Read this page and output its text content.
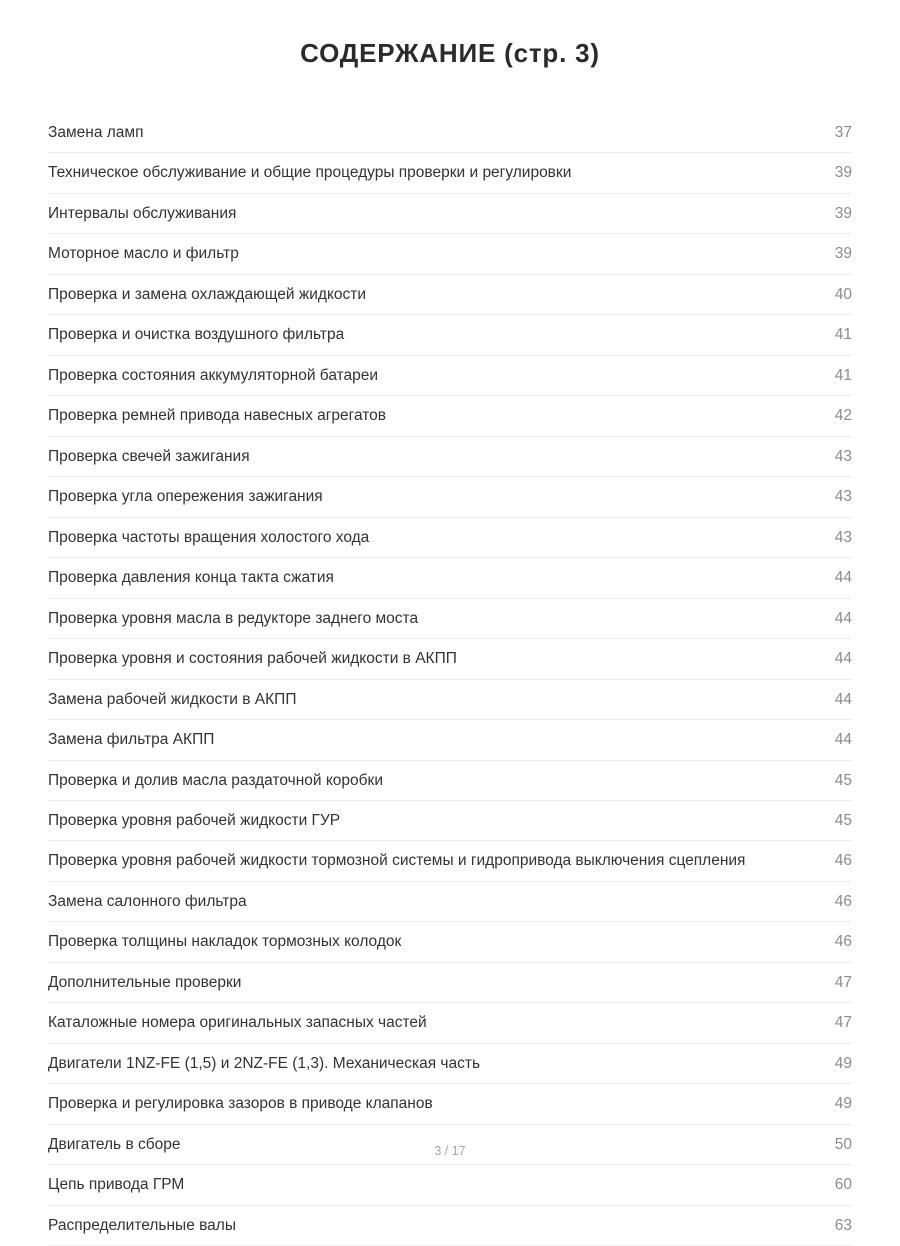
СОДЕРЖАНИЕ (стр. 3)
Замена ламп	37
Техническое обслуживание и общие процедуры проверки и регулировки	39
Интервалы обслуживания	39
Моторное масло и фильтр	39
Проверка и замена охлаждающей жидкости	40
Проверка и очистка воздушного фильтра	41
Проверка состояния аккумуляторной батареи	41
Проверка ремней привода навесных агрегатов	42
Проверка свечей зажигания	43
Проверка угла опережения зажигания	43
Проверка частоты вращения холостого хода	43
Проверка давления конца такта сжатия	44
Проверка уровня масла в редукторе заднего моста	44
Проверка уровня и состояния рабочей жидкости в АКПП	44
Замена рабочей жидкости в АКПП	44
Замена фильтра АКПП	44
Проверка и долив масла раздаточной коробки	45
Проверка уровня рабочей жидкости ГУР	45
Проверка уровня рабочей жидкости тормозной системы и гидропривода выключения сцепления	46
Замена салонного фильтра	46
Проверка толщины накладок тормозных колодок	46
Дополнительные проверки	47
Каталожные номера оригинальных запасных частей	47
Двигатели 1NZ-FE (1,5) и 2NZ-FE (1,3). Механическая часть	49
Проверка и регулировка зазоров в приводе клапанов	49
Двигатель в сборе	50
Цепь привода ГРМ	60
Распределительные валы	63
3 / 17
